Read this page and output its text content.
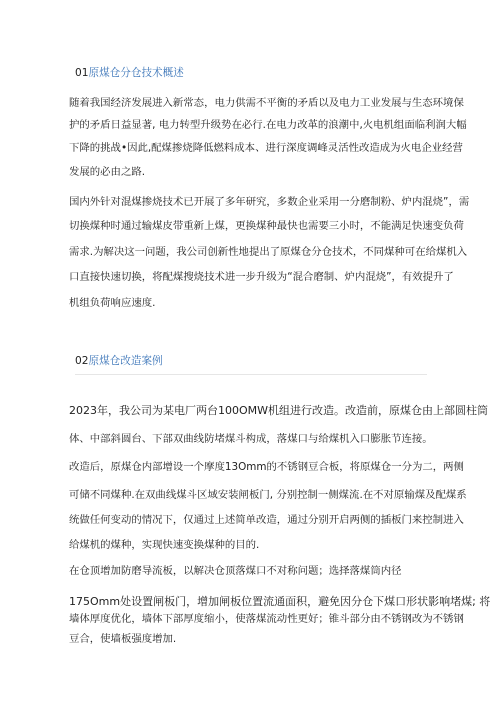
01原煤仓分仓技术概述
随着我国经济发展进入新常态，电力供需不平衡的矛盾以及电力工业发展与生态环境保
护的矛盾日益显著, 电力转型升级势在必行.在电力改革的浪潮中,火电机组面临利润大幅
下降的挑战•因此,配煤掺烧降低燃料成本、进行深度调峰灵活性改造成为火电企业经营
发展的必由之路.
国内外针对混煤掺烧技术已开展了多年研究，多数企业采用一分磨制粉、炉内混烧”，需
切换煤种时通过输煤皮带重新上煤，更换煤种最快也需要三小时，不能满足快速变负荷
需求.为解决这一问题，我公司创新性地提出了原煤仓分仓技术，不同煤种可在给煤机入
口直接快速切换，将配煤搜烧技术进一步升级为“混合磨制、炉内混烧”，有效提升了
机组负荷响应速度.
02原煤仓改造案例
2023年，我公司为某电厂两台100OMW机组进行改造。改造前，原煤仓由上部圆柱筒
体、中部斜圆台、下部双曲线防堵煤斗构成，落煤口与给煤机入口膨胀节连接。
改造后，原煤仓内部增设一个摩度13Omm的不锈钢豆合板，将原煤仓一分为二，两侧
可储不同煤种.在双曲线煤斗区域安装闸板门, 分别控制一侧煤流.在不对原输煤及配煤系
统做任何变动的情况下，仅通过上述简单改造，通过分别开启两侧的插板门来控制进入
给煤机的煤种，实现快速变换煤种的目的.
在仓顶增加防磨导流板，以解决仓顶落煤口不对称问题；选择落煤筒内径
175Omm处设置闸板门，增加闸板位置流通面积，避免因分仓下煤口形状影响堵煤; 将
墙体厚度优化，墙体下部厚度缩小，使落煤流动性更好；锥斗部分由不锈钢改为不锈钢
豆合，使墙板强度增加.
